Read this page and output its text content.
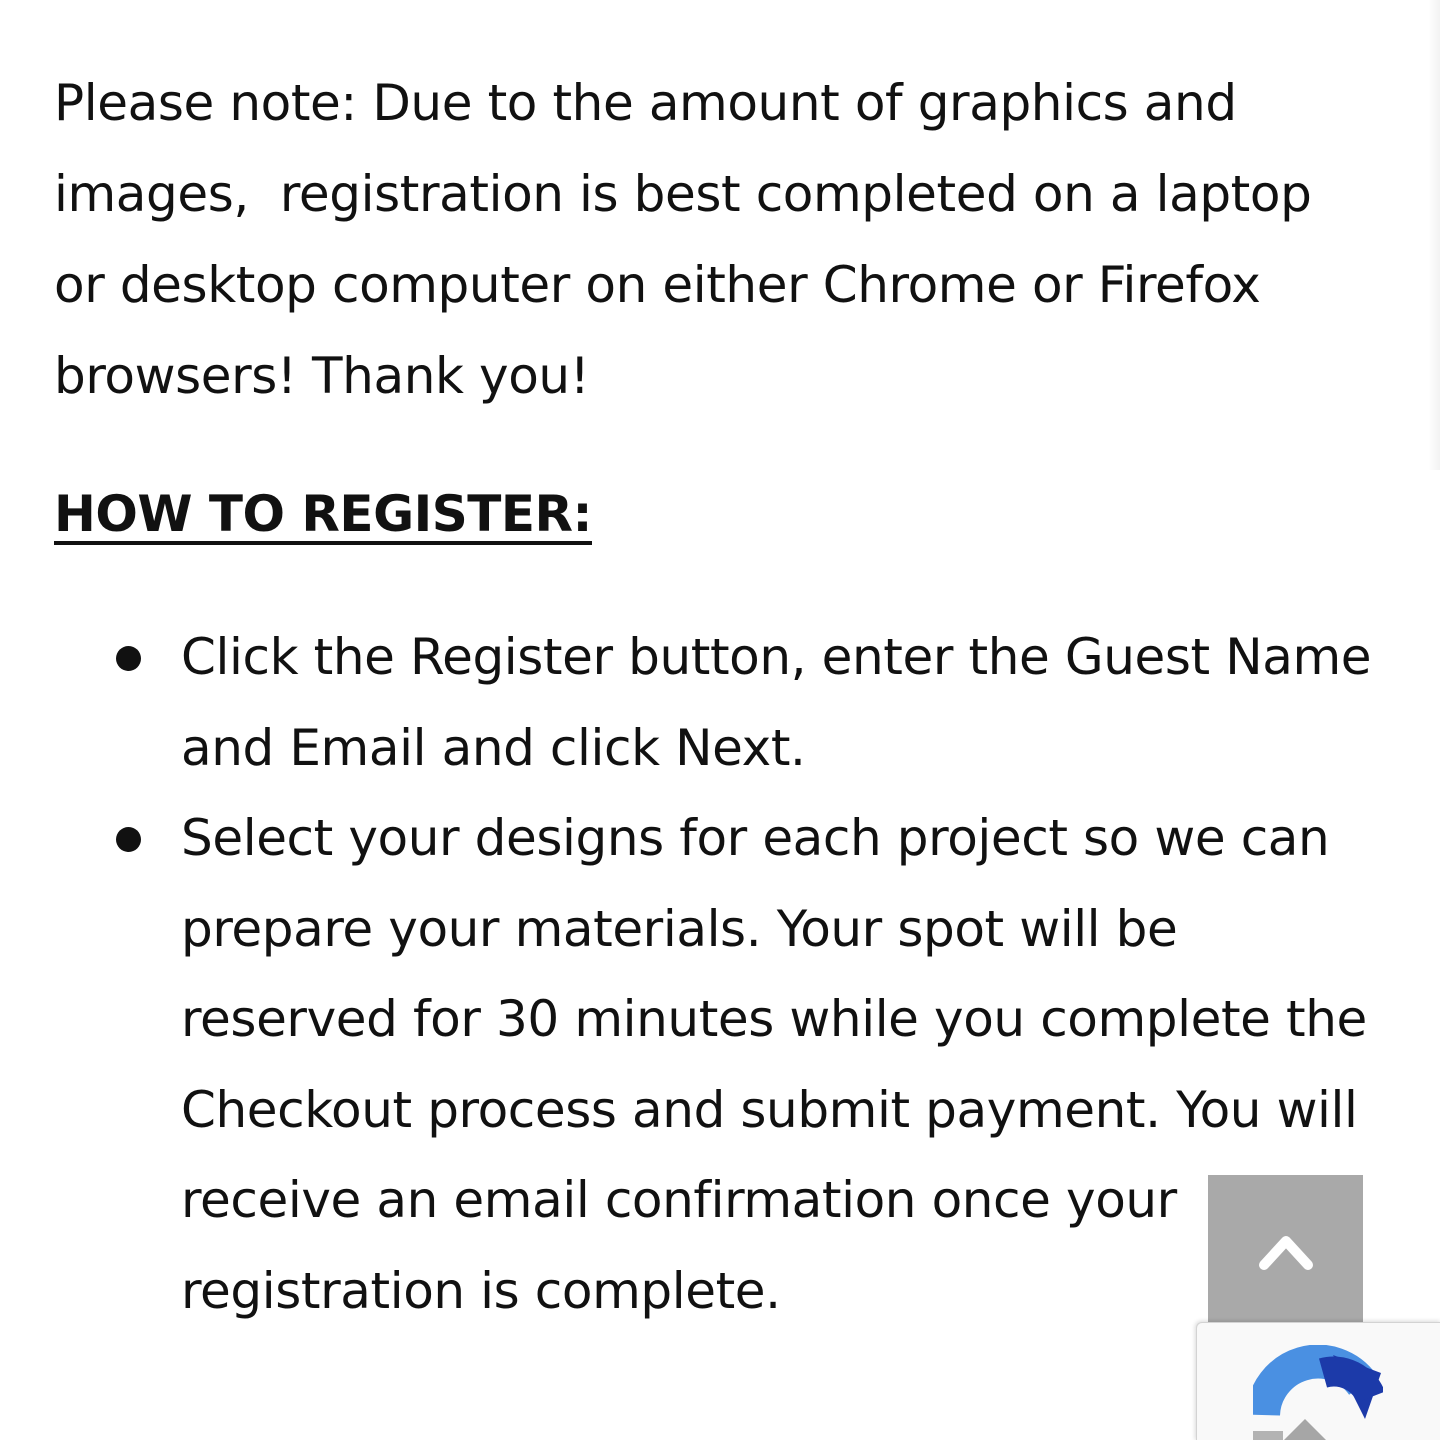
Please note: Due to the amount of graphics and images,  registration is best completed on a laptop or desktop computer on either Chrome or Firefox browsers! Thank you!

HOW TO REGISTER:
Click the Register button, enter the Guest Name and Email and click Next.
Select your designs for each project so we can prepare your materials. Your spot will be reserved for 30 minutes while you complete the Checkout process and submit payment. You will receive an email confirmation once your registration is complete.
